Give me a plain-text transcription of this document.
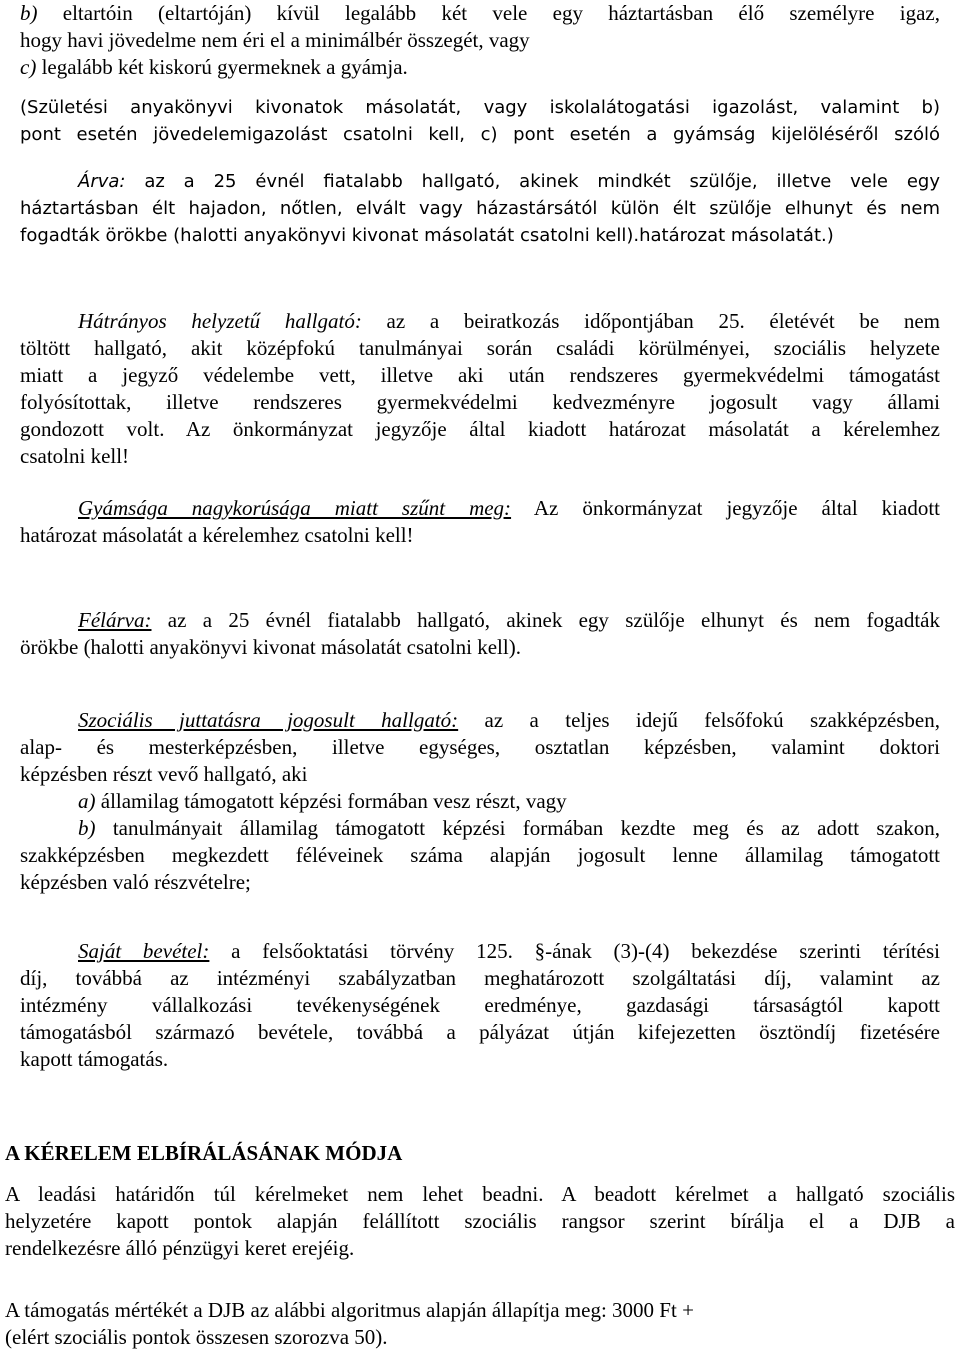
b) eltartóin (eltartóján) kívül legalább két vele egy háztartásban élő személyre igaz,
hogy havi jövedelme nem éri el a minimálbér összegét, vagy
c) legalább két kiskorú gyermeknek a gyámja.
(Születési anyakönyvi kivonatok másolatát, vagy iskolalátogatási igazolást, valamint b)
pont esetén jövedelemigazolást csatolni kell, c) pont esetén a gyámság kijelöléséről szóló
Árva: az a 25 évnél fiatalabb hallgató, akinek mindkét szülője, illetve vele egy
háztartásban élt hajadon, nőtlen, elvált vagy házastársától külön élt szülője elhunyt és nem
fogadták örökbe (halotti anyakönyvi kivonat másolatát csatolni kell).határozat másolatát.)
Hátrányos helyzetű hallgató: az a beiratkozás időpontjában 25. életévét be nem
töltött hallgató, akit középfokú tanulmányai során családi körülményei, szociális helyzete
miatt a jegyző védelembe vett, illetve aki után rendszeres gyermekvédelmi támogatást
folyósítottak, illetve rendszeres gyermekvédelmi kedvezményre jogosult vagy állami
gondozott volt. Az önkormányzat jegyzője által kiadott határozat másolatát a kérelemhez
csatolni kell!
Gyámsága nagykorúsága miatt szűnt meg: Az önkormányzat jegyzője által kiadott
határozat másolatát a kérelemhez csatolni kell!
Félárva: az a 25 évnél fiatalabb hallgató, akinek egy szülője elhunyt és nem fogadták
örökbe (halotti anyakönyvi kivonat másolatát csatolni kell).
Szociális juttatásra jogosult hallgató: az a teljes idejű felsőfokú szakképzésben,
alap- és mesterképzésben, illetve egységes, osztatlan képzésben, valamint doktori
képzésben részt vevő hallgató, aki
a) államilag támogatott képzési formában vesz részt, vagy
b) tanulmányait államilag támogatott képzési formában kezdte meg és az adott szakon,
szakképzésben megkezdett féléveinek száma alapján jogosult lenne államilag támogatott
képzésben való részvételre;
Saját bevétel: a felsőoktatási törvény 125. §-ának (3)-(4) bekezdése szerinti térítési
díj, továbbá az intézményi szabályzatban meghatározott szolgáltatási díj, valamint az
intézmény vállalkozási tevékenységének eredménye, gazdasági társaságtól kapott
támogatásból származó bevétele, továbbá a pályázat útján kifejezetten ösztöndíj fizetésére
kapott támogatás.
A KÉRELEM ELBÍRÁLÁSÁNAK MÓDJA
A leadási határidőn túl kérelmeket nem lehet beadni. A beadott kérelmet a hallgató szociális
helyzetére kapott pontok alapján felállított szociális rangsor szerint bírálja el a DJB a
rendelkezésre álló pénzügyi keret erejéig.
A támogatás mértékét a DJB az alábbi algoritmus alapján állapítja meg: 3000 Ft +
(elért szociális pontok összesen szorozva 50).
